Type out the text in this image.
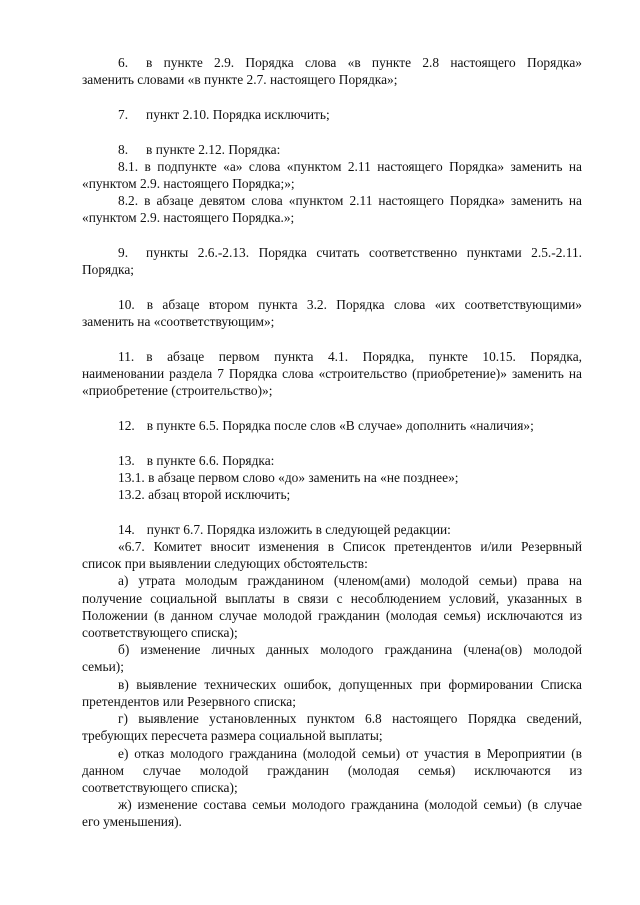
6. в пункте 2.9. Порядка слова «в пункте 2.8 настоящего Порядка»
заменить словами «в пункте 2.7. настоящего Порядка»;
7. пункт 2.10. Порядка исключить;
8. в пункте 2.12. Порядка:
8.1. в подпункте «а» слова «пунктом 2.11 настоящего Порядка» заменить на
«пунктом 2.9. настоящего Порядка;»;
8.2. в абзаце девятом слова «пунктом 2.11 настоящего Порядка» заменить на
«пунктом 2.9. настоящего Порядка.»;
9. пункты 2.6.-2.13. Порядка считать соответственно пунктами 2.5.-2.11.
Порядка;
10. в абзаце втором пункта 3.2. Порядка слова «их соответствующими»
заменить на «соответствующим»;
11. в абзаце первом пункта 4.1. Порядка, пункте 10.15. Порядка,
наименовании раздела 7 Порядка слова «строительство (приобретение)» заменить на
«приобретение (строительство)»;
12. в пункте 6.5. Порядка после слов «В случае» дополнить «наличия»;
13. в пункте 6.6. Порядка:
13.1. в абзаце первом слово «до» заменить на «не позднее»;
13.2. абзац второй исключить;
14. пункт 6.7. Порядка изложить в следующей редакции:
«6.7. Комитет вносит изменения в Список претендентов и/или Резервный
список при выявлении следующих обстоятельств:
а) утрата молодым гражданином (членом(ами) молодой семьи) права на
получение социальной выплаты в связи с несоблюдением условий, указанных в
Положении (в данном случае молодой гражданин (молодая семья) исключаются из
соответствующего списка);
б) изменение личных данных молодого гражданина (члена(ов) молодой
семьи);
в) выявление технических ошибок, допущенных при формировании Списка
претендентов или Резервного списка;
г) выявление установленных пунктом 6.8 настоящего Порядка сведений,
требующих пересчета размера социальной выплаты;
е) отказ молодого гражданина (молодой семьи) от участия в Мероприятии (в
данном случае молодой гражданин (молодая семья) исключаются из
соответствующего списка);
ж) изменение состава семьи молодого гражданина (молодой семьи) (в случае
его уменьшения).
